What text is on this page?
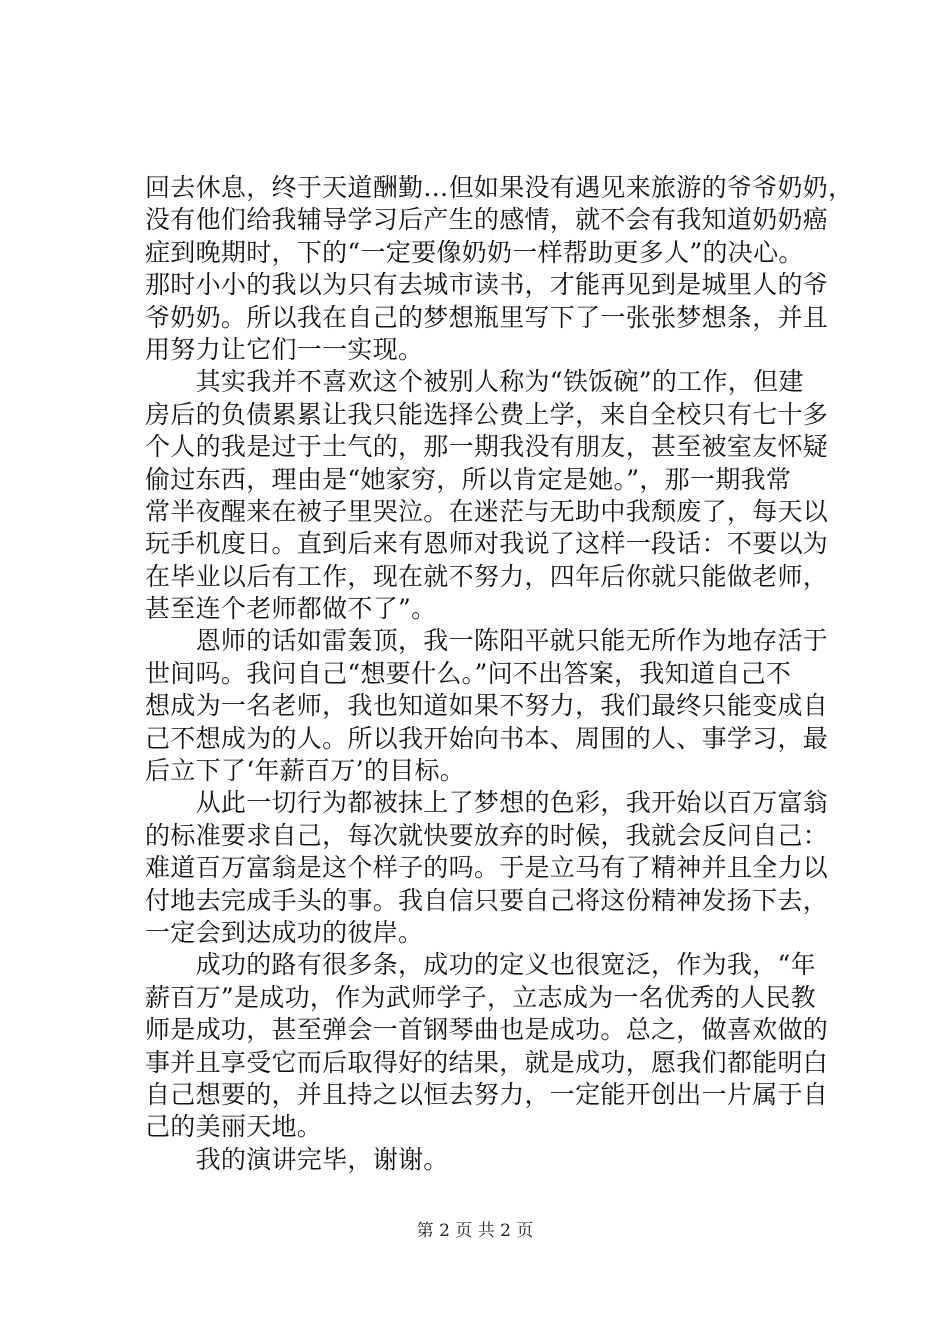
回去休息，终于天道酬勤…但如果没有遇见来旅游的爷爷奶奶，
没有他们给我辅导学习后产生的感情，就不会有我知道奶奶癌
症到晚期时，下的“一定要像奶奶一样帮助更多人”的决心。
那时小小的我以为只有去城市读书，才能再见到是城里人的爷
爷奶奶。所以我在自己的梦想瓶里写下了一张张梦想条，并且
用努力让它们一一实现。
　　其实我并不喜欢这个被别人称为“铁饭碗”的工作，但建
房后的负债累累让我只能选择公费上学，来自全校只有七十多
个人的我是过于土气的，那一期我没有朋友，甚至被室友怀疑
偷过东西，理由是“她家穷，所以肯定是她。”，那一期我常
常半夜醒来在被子里哭泣。在迷茫与无助中我颓废了，每天以
玩手机度日。直到后来有恩师对我说了这样一段话：不要以为
在毕业以后有工作，现在就不努力，四年后你就只能做老师，
甚至连个老师都做不了”。
　　恩师的话如雷轰顶，我一陈阳平就只能无所作为地存活于
世间吗。我问自己“想要什么。”问不出答案，我知道自己不
想成为一名老师，我也知道如果不努力，我们最终只能变成自
己不想成为的人。所以我开始向书本、周围的人、事学习，最
后立下了‘年薪百万’的目标。
　　从此一切行为都被抹上了梦想的色彩，我开始以百万富翁
的标准要求自己，每次就快要放弃的时候，我就会反问自己：
难道百万富翁是这个样子的吗。于是立马有了精神并且全力以
付地去完成手头的事。我自信只要自己将这份精神发扬下去，
一定会到达成功的彼岸。
　　成功的路有很多条，成功的定义也很宽泛，作为我，“年
薪百万”是成功，作为武师学子，立志成为一名优秀的人民教
师是成功，甚至弹会一首钢琴曲也是成功。总之，做喜欢做的
事并且享受它而后取得好的结果，就是成功，愿我们都能明白
自己想要的，并且持之以恒去努力，一定能开创出一片属于自
己的美丽天地。
　　我的演讲完毕，谢谢。
第 2 页 共 2 页
